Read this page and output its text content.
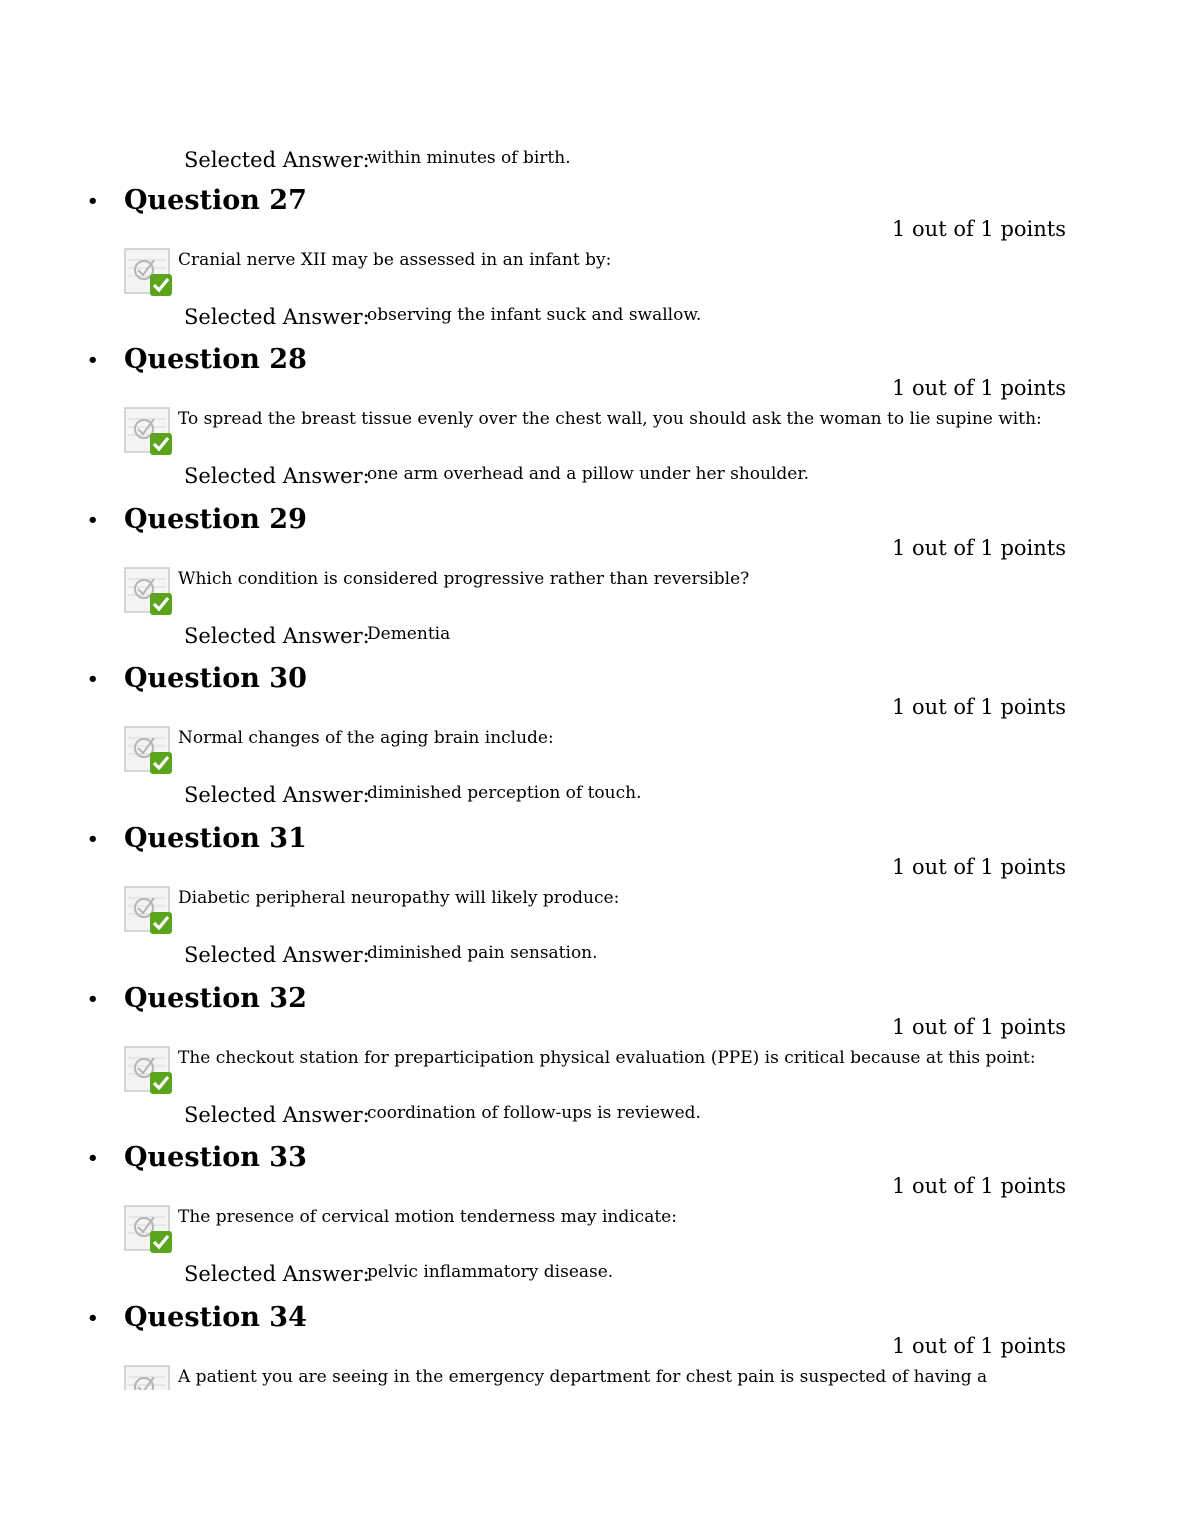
Selected Answer:
within minutes of birth.
• Question 27
1 out of 1 points
Cranial nerve XII may be assessed in an infant by:
Selected Answer:
observing the infant suck and swallow.
• Question 28
1 out of 1 points
To spread the breast tissue evenly over the chest wall, you should ask the woman to lie supine with:
Selected Answer:
one arm overhead and a pillow under her shoulder.
• Question 29
1 out of 1 points
Which condition is considered progressive rather than reversible?
Selected Answer:
Dementia
• Question 30
1 out of 1 points
Normal changes of the aging brain include:
Selected Answer:
diminished perception of touch.
• Question 31
1 out of 1 points
Diabetic peripheral neuropathy will likely produce:
Selected Answer:
diminished pain sensation.
• Question 32
1 out of 1 points
The checkout station for preparticipation physical evaluation (PPE) is critical because at this point:
Selected Answer:
coordination of follow-ups is reviewed.
• Question 33
1 out of 1 points
The presence of cervical motion tenderness may indicate:
Selected Answer:
pelvic inflammatory disease.
• Question 34
1 out of 1 points
A patient you are seeing in the emergency department for chest pain is suspected of having a
